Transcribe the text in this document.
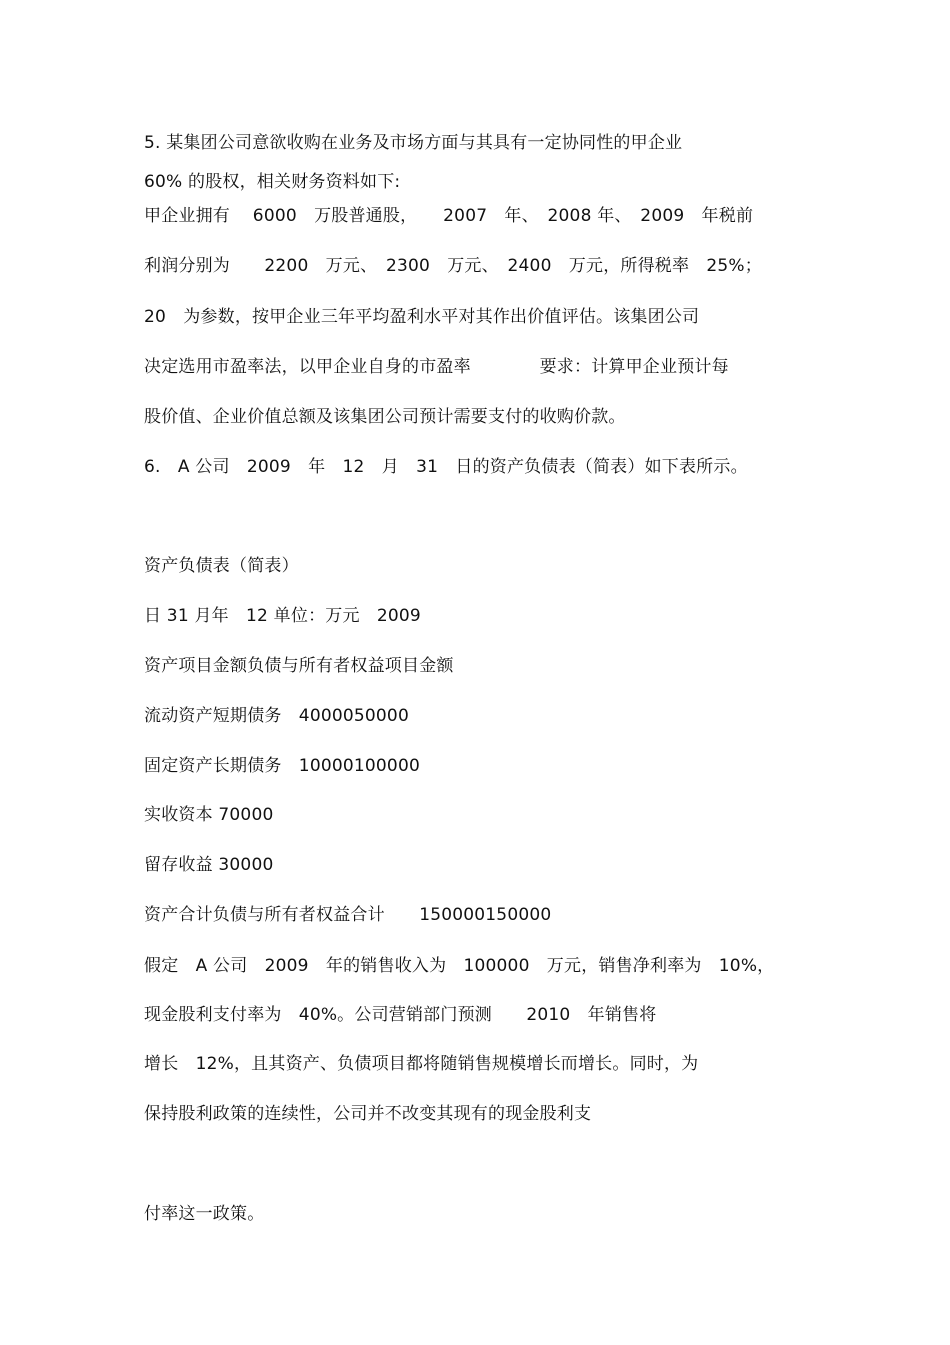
5. 某集团公司意欲收购在业务及市场方面与其具有一定协同性的甲企业
60% 的股权，相关财务资料如下:
甲企业拥有　 6000　万股普通股，　　2007　年、　2008 年、　2009　年税前
利润分别为　　2200　万元、　2300　万元、　2400　万元，所得税率　25%；
20　为参数，按甲企业三年平均盈利水平对其作出价值评估。该集团公司
决定选用市盈率法，以甲企业自身的市盈率　　　　要求：计算甲企业预计每
股价值、企业价值总额及该集团公司预计需要支付的收购价款。
6.　A 公司　2009　年　12　月　31　日的资产负债表（简表）如下表所示。
资产负债表（简表）
日 31 月年　12 单位：万元　2009
资产项目金额负债与所有者权益项目金额
流动资产短期债务　4000050000
固定资产长期债务　10000100000
实收资本 70000
留存收益 30000
资产合计负债与所有者权益合计　　150000150000
假定　A 公司　2009　年的销售收入为　100000　万元，销售净利率为　10%，
现金股利支付率为　40%。公司营销部门预测　　2010　年销售将
增长　12%，且其资产、负债项目都将随销售规模增长而增长。同时，为
保持股利政策的连续性，公司并不改变其现有的现金股利支
付率这一政策。
